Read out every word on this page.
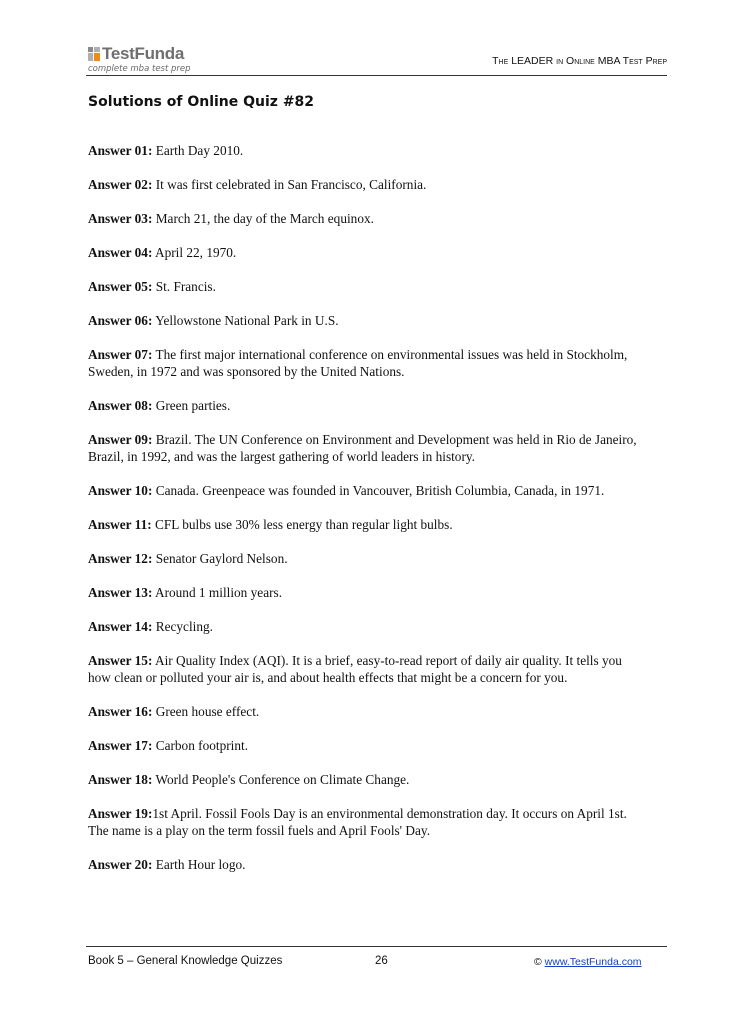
TestFunda
complete mba test prep
The LEADER in Online MBA Test Prep
Solutions of Online Quiz #82

Answer 01: Earth Day 2010.

Answer 02: It was first celebrated in San Francisco, California.

Answer 03: March 21, the day of the March equinox.

Answer 04: April 22, 1970.

Answer 05: St. Francis.

Answer 06: Yellowstone National Park in U.S.

Answer 07: The first major international conference on environmental issues was held in Stockholm, Sweden, in 1972 and was sponsored by the United Nations.

Answer 08: Green parties.

Answer 09: Brazil. The UN Conference on Environment and Development was held in Rio de Janeiro, Brazil, in 1992, and was the largest gathering of world leaders in history.

Answer 10: Canada. Greenpeace was founded in Vancouver, British Columbia, Canada, in 1971.

Answer 11: CFL bulbs use 30% less energy than regular light bulbs.

Answer 12: Senator Gaylord Nelson.

Answer 13: Around 1 million years.

Answer 14: Recycling.

Answer 15: Air Quality Index (AQI). It is a brief, easy-to-read report of daily air quality. It tells you how clean or polluted your air is, and about health effects that might be a concern for you.

Answer 16: Green house effect.

Answer 17: Carbon footprint.

Answer 18: World People's Conference on Climate Change.

Answer 19:1st April. Fossil Fools Day is an environmental demonstration day. It occurs on April 1st. The name is a play on the term fossil fuels and April Fools' Day.

Answer 20: Earth Hour logo.

Book 5 – General Knowledge Quizzes	26	© www.TestFunda.com
